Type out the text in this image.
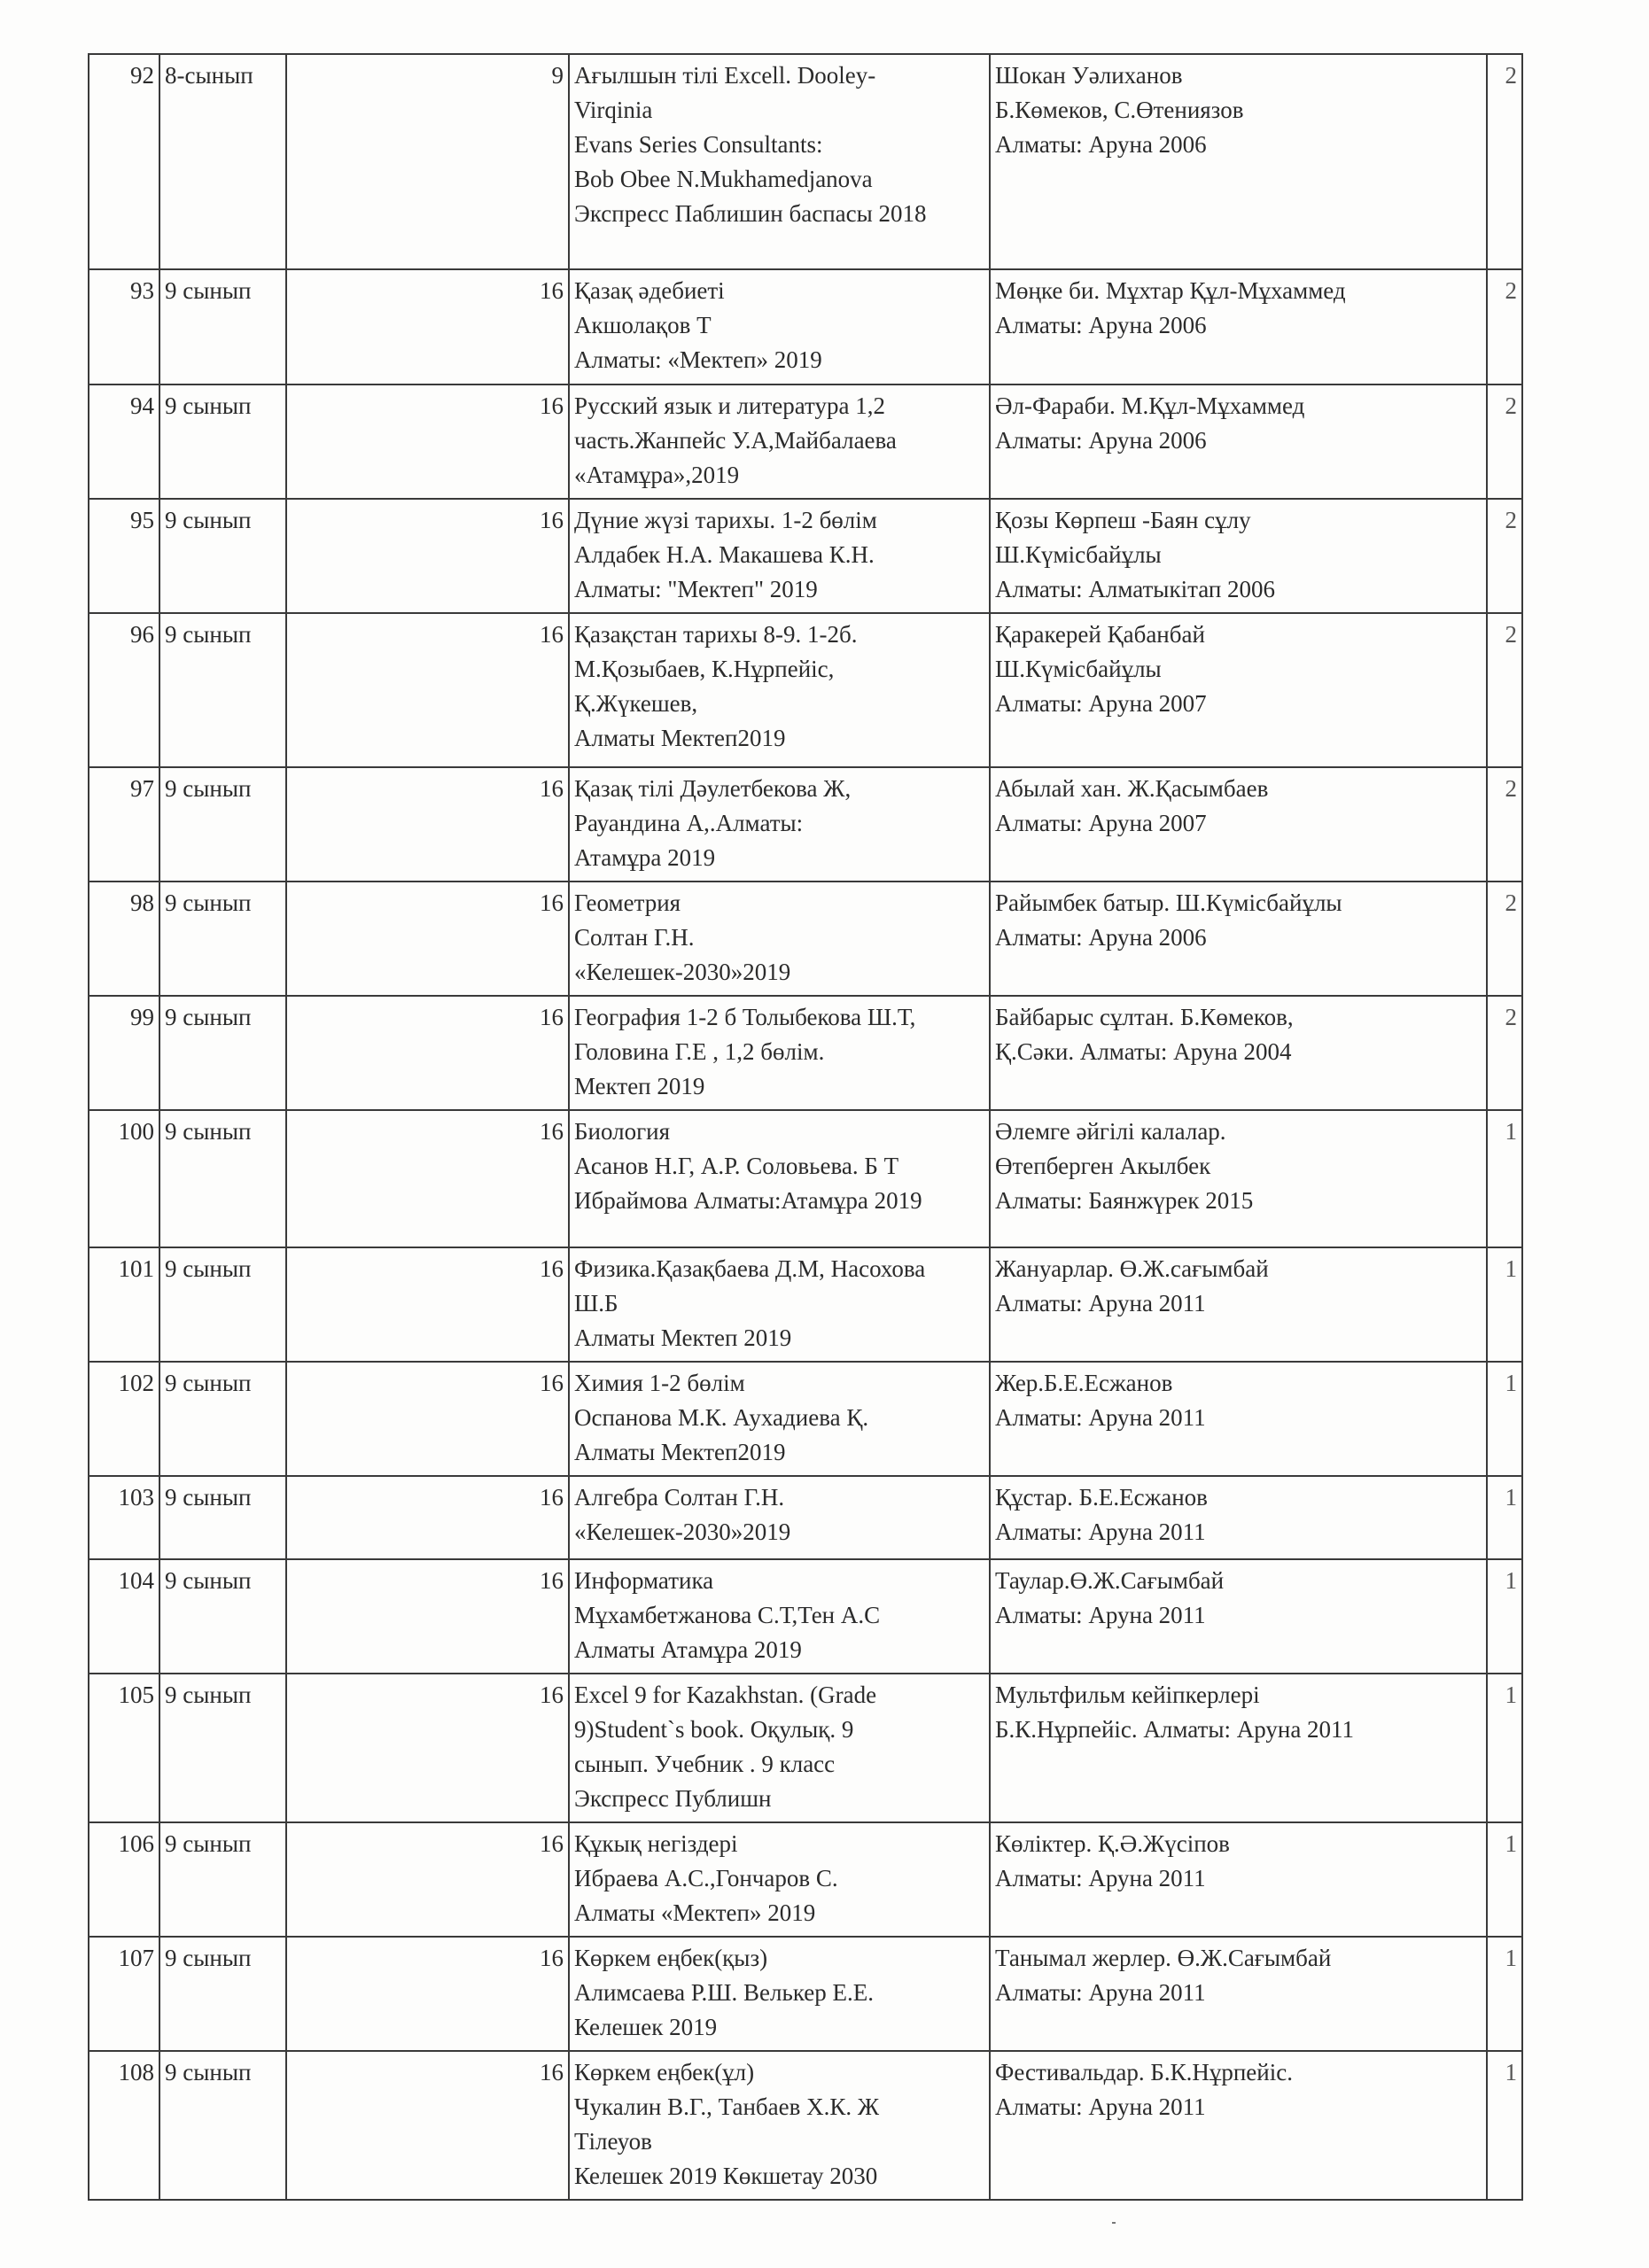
92	8-сынып	9	Ағылшын тілі Excell. Dooley-
Virqinia
Evans Series Consultants:
Bob Obee N.Mukhamedjanova
Экспресс Паблишин баспасы 2018	Шокан Уәлиханов
Б.Көмеков, С.Өтениязов
Алматы: Аруна 2006	2
93	9 сынып	16	Қазақ әдебиеті
Акшолақов Т
Алматы: «Мектеп» 2019	Мөңке би. Мұхтар Құл-Мұхаммед
Алматы: Аруна 2006	2
94	9 сынып	16	Русский язык и литература 1,2
часть.Жанпейс У.А,Майбалаева
«Атамұра»,2019	Әл-Фараби. М.Құл-Мұхаммед
Алматы: Аруна 2006	2
95	9 сынып	16	Дүние жүзі тарихы. 1-2 бөлім
Алдабек Н.А. Макашева К.Н.
Алматы: "Мектеп" 2019	Қозы Көрпеш -Баян сұлу
Ш.Күмісбайұлы
Алматы: Алматыкітап 2006	2
96	9 сынып	16	Қазақстан тарихы 8-9. 1-2б.
М.Қозыбаев, К.Нұрпейіс,
Қ.Жүкешев,
Алматы Мектеп2019	Қаракерей Қабанбай
Ш.Күмісбайұлы
Алматы: Аруна 2007	2
97	9 сынып	16	Қазақ тілі Дәулетбекова Ж,
Рауандина А,.Алматы:
Атамұра 2019	Абылай хан. Ж.Қасымбаев
Алматы: Аруна 2007	2
98	9 сынып	16	Геометрия
Солтан Г.Н.
«Келешек-2030»2019	Райымбек батыр. Ш.Күмісбайұлы
Алматы: Аруна 2006	2
99	9 сынып	16	География 1-2 б Толыбекова Ш.Т,
Головина Г.Е , 1,2 бөлім.
Мектеп 2019	Байбарыс сұлтан. Б.Көмеков,
Қ.Сәки. Алматы: Аруна 2004	2
100	9 сынып	16	Биология
Асанов Н.Г, А.Р. Соловьева. Б Т
Ибраймова Алматы:Атамұра 2019	Әлемге әйгілі калалар.
Өтепберген Акылбек
Алматы: Баянжүрек 2015	1
101	9 сынып	16	Физика.Қазақбаева Д.М, Насохова
Ш.Б
Алматы Мектеп 2019	Жануарлар. Ө.Ж.сағымбай
Алматы: Аруна 2011	1
102	9 сынып	16	Химия 1-2 бөлім
Оспанова М.К. Аухадиева Қ.
Алматы Мектеп2019	Жер.Б.Е.Есжанов
Алматы: Аруна 2011	1
103	9 сынып	16	Алгебра Солтан Г.Н.
«Келешек-2030»2019	Құстар. Б.Е.Есжанов
Алматы: Аруна 2011	1
104	9 сынып	16	Информатика
Мұхамбетжанова С.Т,Тен А.С
Алматы Атамұра 2019	Таулар.Ө.Ж.Сағымбай
Алматы: Аруна 2011	1
105	9 сынып	16	Excel 9 for Kazakhstan. (Grade
9)Student`s book. Оқулық. 9
сынып. Учебник . 9 класс
Экспресс Публишн	Мультфильм кейіпкерлері
Б.К.Нұрпейіс. Алматы: Аруна 2011	1
106	9 сынып	16	Құкық негіздері
Ибраева А.С.,Гончаров С.
Алматы «Мектеп» 2019	Көліктер. Қ.Ә.Жүсіпов
Алматы: Аруна 2011	1
107	9 сынып	16	Көркем еңбек(қыз)
Алимсаева Р.Ш. Велькер Е.Е.
Келешек 2019	Танымал жерлер. Ө.Ж.Сағымбай
Алматы: Аруна 2011	1
108	9 сынып	16	Көркем еңбек(ұл)
Чукалин В.Г., Танбаев Х.К. Ж
Тілеуов
Келешек 2019 Көкшетау 2030	Фестивальдар. Б.К.Нұрпейіс.
Алматы: Аруна 2011	1
